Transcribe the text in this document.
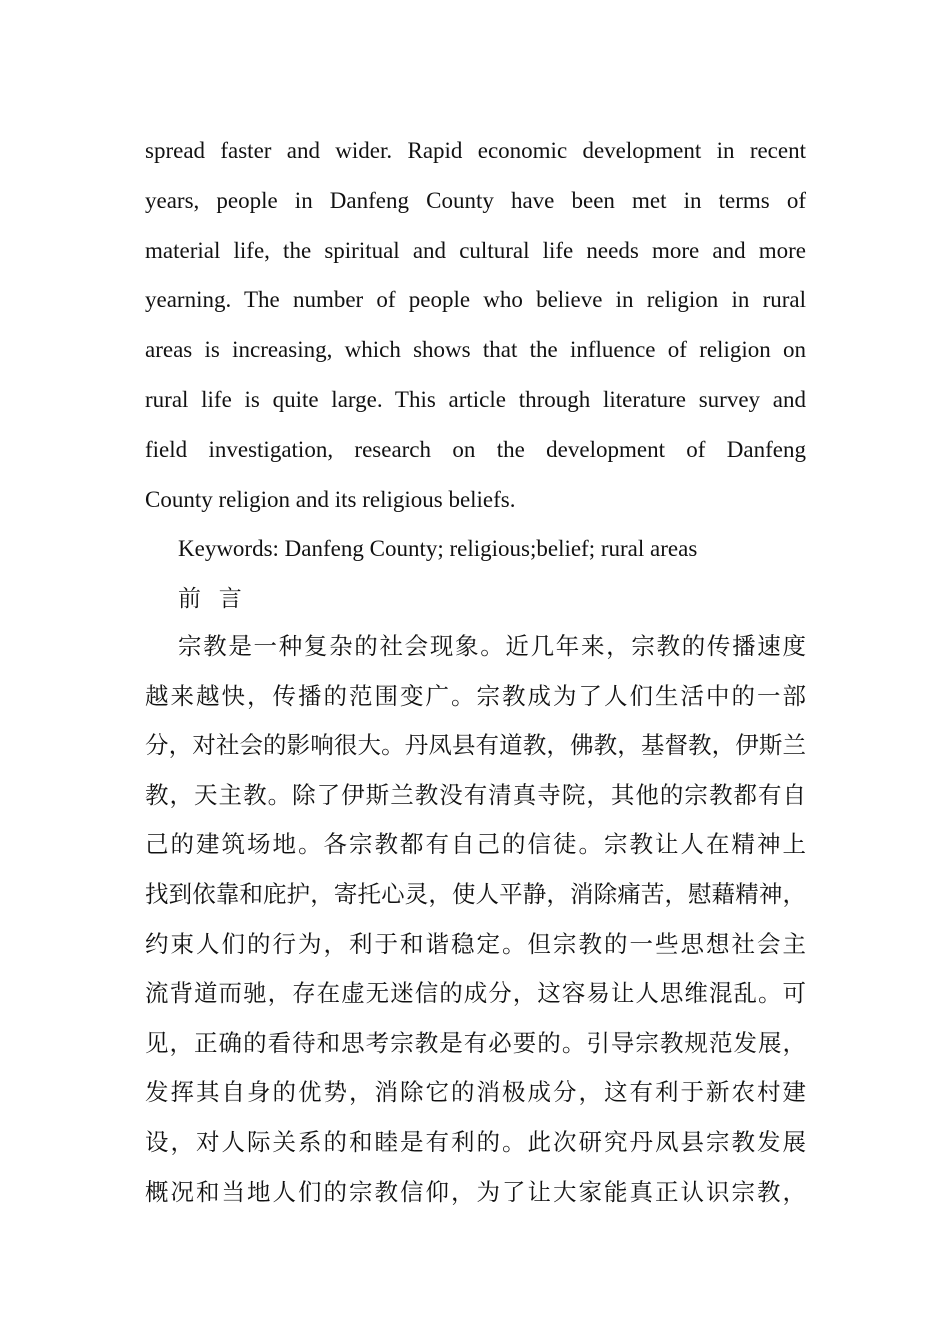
spread faster and wider. Rapid economic development in recent
years, people in Danfeng County have been met in terms of
material life, the spiritual and cultural life needs more and more
yearning. The number of people who believe in religion in rural
areas is increasing, which shows that the influence of religion on
rural life is quite large. This article through literature survey and
field investigation, research on the development of Danfeng
County religion and its religious beliefs.
Keywords: Danfeng County; religious;belief; rural areas
前 言
宗教是一种复杂的社会现象。近几年来，宗教的传播速度
越来越快，传播的范围变广。宗教成为了人们生活中的一部
分，对社会的影响很大。丹凤县有道教，佛教，基督教，伊斯兰
教，天主教。除了伊斯兰教没有清真寺院，其他的宗教都有自
己的建筑场地。各宗教都有自己的信徒。宗教让人在精神上
找到依靠和庇护，寄托心灵，使人平静，消除痛苦，慰藉精神，
约束人们的行为，利于和谐稳定。但宗教的一些思想社会主
流背道而驰，存在虚无迷信的成分，这容易让人思维混乱。可
见，正确的看待和思考宗教是有必要的。引导宗教规范发展，
发挥其自身的优势，消除它的消极成分，这有利于新农村建
设，对人际关系的和睦是有利的。此次研究丹凤县宗教发展
概况和当地人们的宗教信仰，为了让大家能真正认识宗教，
